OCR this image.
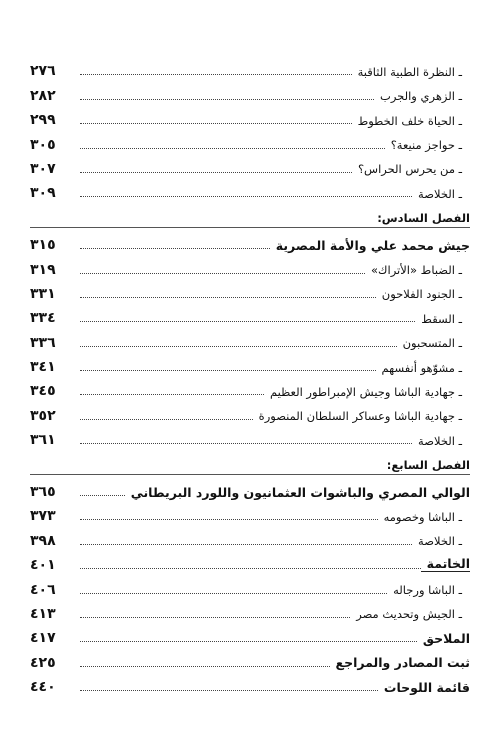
ـ النظرة الطبية الثاقبة
٢٧٦
ـ الزهري والجرب
٢٨٢
ـ الحياة خلف الخطوط
٢٩٩
ـ حواجز منيعة؟
٣٠٥
ـ من يحرس الحراس؟
٣٠٧
ـ الخلاصة
٣٠٩
الفصل السادس:
جيش محمد علي والأمة المصرية
٣١٥
ـ الضباط «الأتراك»
٣١٩
ـ الجنود الفلاحون
٣٣١
ـ السقط
٣٣٤
ـ المتسحبون
٣٣٦
ـ مشوّهو أنفسهم
٣٤١
ـ جهادية الباشا وجيش الإمبراطور العظيم
٣٤٥
ـ جهادية الباشا وعساكر السلطان المنصورة
٣٥٢
ـ الخلاصة
٣٦١
الفصل السابع:
الوالي المصري والباشوات العثمانيون واللورد البريطاني
٣٦٥
ـ الباشا وخصومه
٣٧٣
ـ الخلاصة
٣٩٨
الخاتمة
٤٠١
ـ الباشا ورجاله
٤٠٦
ـ الجيش وتحديث مصر
٤١٣
الملاحق
٤١٧
ثبت المصادر والمراجع
٤٢٥
قائمة اللوحات
٤٤٠
